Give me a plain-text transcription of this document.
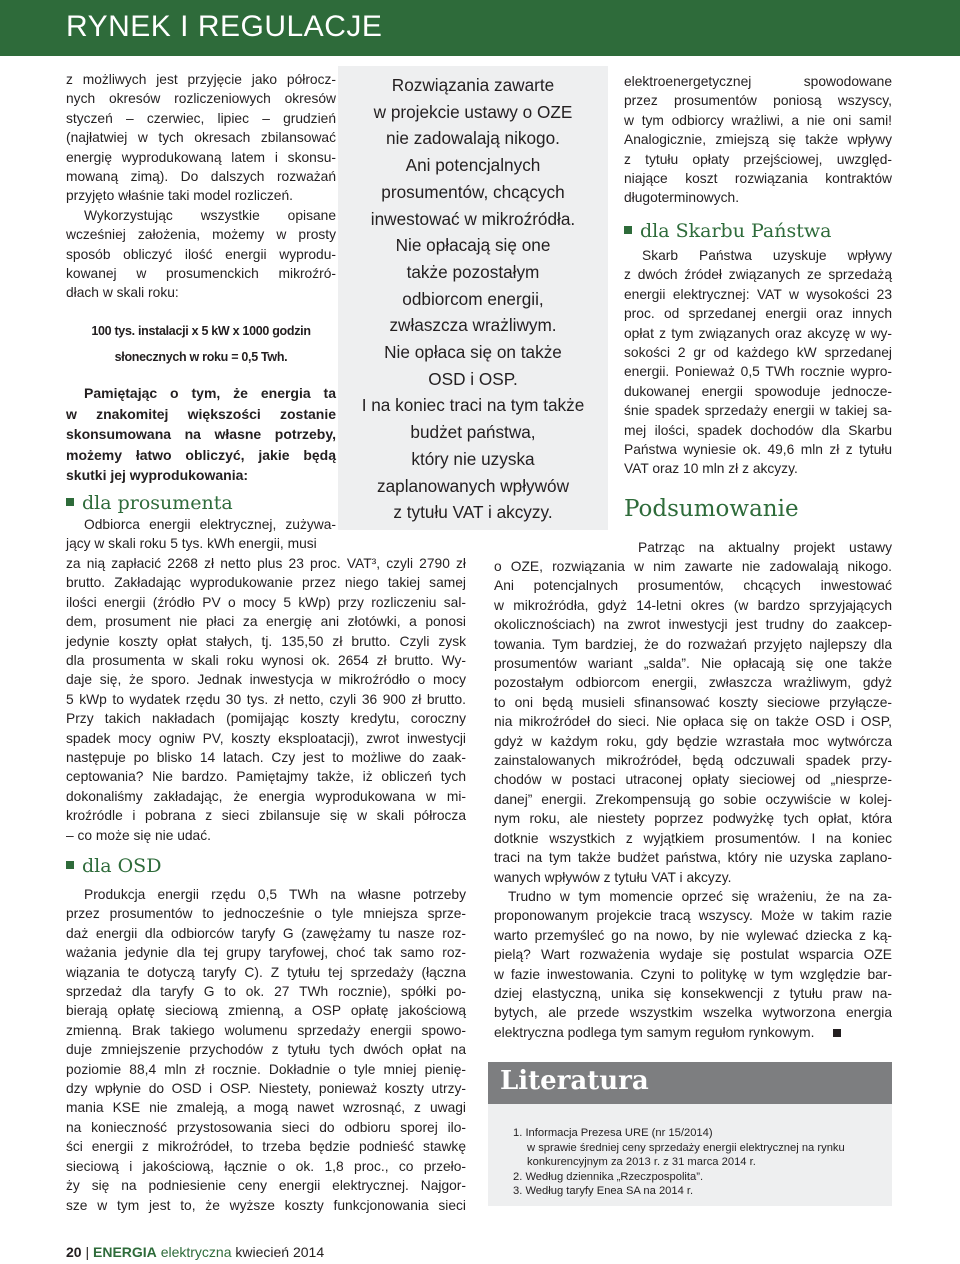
RYNEK I REGULACJE
z możliwych jest przyjęcie jako półrocz-
nych okresów rozliczeniowych okresów
styczeń – czerwiec, lipiec – grudzień
(najłatwiej w tych okresach zbilansować
energię wyprodukowaną latem i skonsu-
mowaną zimą). Do dalszych rozważań
przyjęto właśnie taki model rozliczeń.
Wykorzystując wszystkie opisane
wcześniej założenia, możemy w prosty
sposób obliczyć ilość energii wyprodu-
kowanej w prosumenckich mikroźró-
dłach w skali roku:
100 tys. instalacji x 5 kW x 1000 godzin
słonecznych w roku = 0,5 Twh.
Pamiętając o tym, że energia ta
w znakomitej większości zostanie
skonsumowana na własne potrzeby,
możemy łatwo obliczyć, jakie będą
skutki jej wyprodukowania:
dla prosumenta
Odbiorca energii elektrycznej, zużywa-
jący w skali roku 5 tys. kWh energii, musi
za nią zapłacić 2268 zł netto plus 23 proc. VAT³, czyli 2790 zł
brutto. Zakładając wyprodukowanie przez niego takiej samej
ilości energii (źródło PV o mocy 5 kWp) przy rozliczeniu sal-
dem, prosument nie płaci za energię ani złotówki, a ponosi
jedynie koszty opłat stałych, tj. 135,50 zł brutto. Czyli zysk
dla prosumenta w skali roku wynosi ok. 2654 zł brutto. Wy-
daje się, że sporo. Jednak inwestycja w mikroźródło o mocy
5 kWp to wydatek rzędu 30 tys. zł netto, czyli 36 900 zł brutto.
Przy takich nakładach (pomijając koszty kredytu, coroczny
spadek mocy ogniw PV, koszty eksploatacji), zwrot inwestycji
następuje po blisko 14 latach. Czy jest to możliwe do zaak-
ceptowania? Nie bardzo. Pamiętajmy także, iż obliczeń tych
dokonaliśmy zakładając, że energia wyprodukowana w mi-
kroźródle i pobrana z sieci zbilansuje się w skali półrocza
– co może się nie udać.
dla OSD
Produkcja energii rzędu 0,5 TWh na własne potrzeby
przez prosumentów to jednocześnie o tyle mniejsza sprze-
daż energii dla odbiorców taryfy G (zawężamy tu nasze roz-
ważania jedynie dla tej grupy taryfowej, choć tak samo roz-
wiązania te dotyczą taryfy C). Z tytułu tej sprzedaży (łączna
sprzedaż dla taryfy G to ok. 27 TWh rocznie), spółki po-
bierają opłatę sieciową zmienną, a OSP opłatę jakościową
zmienną. Brak takiego wolumenu sprzedaży energii spowo-
duje zmniejszenie przychodów z tytułu tych dwóch opłat na
poziomie 88,4 mln zł rocznie. Dokładnie o tyle mniej pienię-
dzy wpłynie do OSD i OSP. Niestety, ponieważ koszty utrzy-
mania KSE nie zmaleją, a mogą nawet wzrosnąć, z uwagi
na konieczność przystosowania sieci do odbioru sporej ilo-
ści energii z mikroźródeł, to trzeba będzie podnieść stawkę
sieciową i jakościową, łącznie o ok. 1,8 proc., co przeło-
ży się na podniesienie ceny energii elektrycznej. Najgor-
sze w tym jest to, że wyższe koszty funkcjonowania sieci
Rozwiązania zawarte
w projekcie ustawy o OZE
nie zadowalają nikogo.
Ani potencjalnych
prosumentów, chcących
inwestować w mikroźródła.
Nie opłacają się one
także pozostałym
odbiorcom energii,
zwłaszcza wrażliwym.
Nie opłaca się on także
OSD i OSP.
I na koniec traci na tym także
budżet państwa,
który nie uzyska
zaplanowanych wpływów
z tytułu VAT i akcyzy.
elektroenergetycznej spowodowane
przez prosumentów poniosą wszyscy,
w tym odbiorcy wrażliwi, a nie oni sami!
Analogicznie, zmiejszą się także wpływy
z tytułu opłaty przejściowej, uwzględ-
niające koszt rozwiązania kontraktów
długoterminowych.
dla Skarbu Państwa
Skarb Państwa uzyskuje wpływy
z dwóch źródeł związanych ze sprzedażą
energii elektrycznej: VAT w wysokości 23
proc. od sprzedanej energii oraz innych
opłat z tym związanych oraz akcyzę w wy-
sokości 2 gr od każdego kW sprzedanej
energii. Ponieważ 0,5 TWh rocznie wypro-
dukowanej energii spowoduje jednocze-
śnie spadek sprzedaży energii w takiej sa-
mej ilości, spadek dochodów dla Skarbu
Państwa wyniesie ok. 49,6 mln zł z tytułu
VAT oraz 10 mln zł z akcyzy.
Podsumowanie
Patrząc na aktualny projekt ustawy
o OZE, rozwiązania w nim zawarte nie zadowalają nikogo.
Ani potencjalnych prosumentów, chcących inwestować
w mikroźródła, gdyż 14-letni okres (w bardzo sprzyjających
okolicznościach) na zwrot inwestycji jest trudny do zaakcep-
towania. Tym bardziej, że do rozważań przyjęto najlepszy dla
prosumentów wariant „salda”. Nie opłacają się one także
pozostałym odbiorcom energii, zwłaszcza wrażliwym, gdyż
to oni będą musieli sfinansować koszty sieciowe przyłącze-
nia mikroźródeł do sieci. Nie opłaca się on także OSD i OSP,
gdyż w każdym roku, gdy będzie wzrastała moc wytwórcza
zainstalowanych mikroźródeł, będą odczuwali spadek przy-
chodów w postaci utraconej opłaty sieciowej od „niesprze-
danej” energii. Zrekompensują go sobie oczywiście w kolej-
nym roku, ale niestety poprzez podwyżkę tych opłat, która
dotknie wszystkich z wyjątkiem prosumentów. I na koniec
traci na tym także budżet państwa, który nie uzyska zaplano-
wanych wpływów z tytułu VAT i akcyzy.
Trudno w tym momencie oprzeć się wrażeniu, że na za-
proponowanym projekcie tracą wszyscy. Może w takim razie
warto przemyśleć go na nowo, by nie wylewać dziecka z ką-
pielą? Wart rozważenia wydaje się postulat wsparcia OZE
w fazie inwestowania. Czyni to politykę w tym względzie bar-
dziej elastyczną, unika się konsekwencji z tytułu praw na-
bytych, ale przede wszystkim wszelka wytworzona energia
elektryczna podlega tym samym regułom rynkowym.
Literatura
1. Informacja Prezesa URE (nr 15/2014)
w sprawie średniej ceny sprzedaży energii elektrycznej na rynku
konkurencyjnym za 2013 r. z 31 marca 2014 r.
2. Według dziennika „Rzeczpospolita”.
3. Według taryfy Enea SA na 2014 r.
20 | ENERGIA elektryczna kwiecień 2014
